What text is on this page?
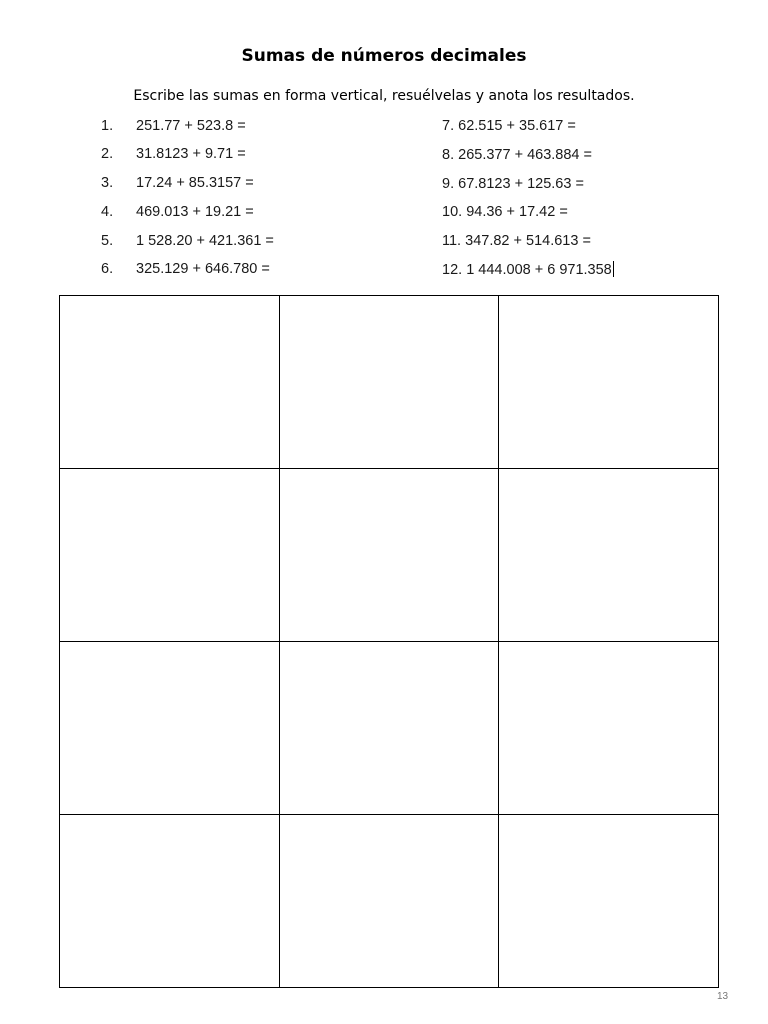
Sumas de números decimales
Escribe las sumas en forma vertical, resuélvelas y anota los resultados.
1. 251.77 + 523.8 =
2. 31.8123 + 9.71 =
3. 17.24 + 85.3157 =
4. 469.013 + 19.21 =
5. 1 528.20 + 421.361 =
6. 325.129 + 646.780 =
7. 62.515 + 35.617 =
8. 265.377 + 463.884 =
9. 67.8123 + 125.63 =
10. 94.36 + 17.42 =
11. 347.82 + 514.613 =
12. 1 444.008 + 6 971.358

13
